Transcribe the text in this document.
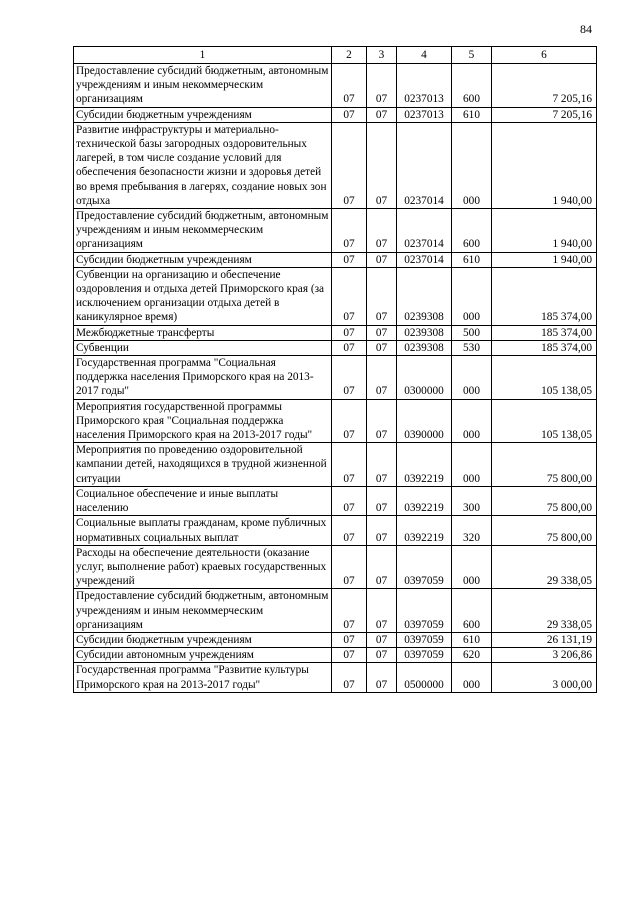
84
1	2	3	4	5	6
Предоставление субсидий бюджетным, автономным учреждениям и иным некоммерческим организациям	07	07	0237013	600	7 205,16
Субсидии бюджетным учреждениям	07	07	0237013	610	7 205,16
Развитие инфраструктуры и материально-технической базы загородных оздоровительных лагерей, в том числе создание условий для обеспечения безопасности жизни и здоровья детей во время пребывания в лагерях, создание новых зон отдыха	07	07	0237014	000	1 940,00
Предоставление субсидий бюджетным, автономным учреждениям и иным некоммерческим организациям	07	07	0237014	600	1 940,00
Субсидии бюджетным учреждениям	07	07	0237014	610	1 940,00
Субвенции на организацию и обеспечение оздоровления и отдыха детей Приморского края (за исключением организации отдыха детей в каникулярное время)	07	07	0239308	000	185 374,00
Межбюджетные трансферты	07	07	0239308	500	185 374,00
Субвенции	07	07	0239308	530	185 374,00
Государственная программа "Социальная поддержка населения Приморского края на 2013-2017 годы"	07	07	0300000	000	105 138,05
Мероприятия государственной программы Приморского края "Социальная поддержка населения Приморского края на 2013-2017 годы"	07	07	0390000	000	105 138,05
Мероприятия по проведению оздоровительной кампании детей, находящихся в трудной жизненной ситуации	07	07	0392219	000	75 800,00
Социальное обеспечение и иные выплаты населению	07	07	0392219	300	75 800,00
Социальные выплаты гражданам, кроме публичных нормативных социальных выплат	07	07	0392219	320	75 800,00
Расходы на обеспечение деятельности (оказание услуг, выполнение работ) краевых государственных учреждений	07	07	0397059	000	29 338,05
Предоставление субсидий бюджетным, автономным учреждениям и иным некоммерческим организациям	07	07	0397059	600	29 338,05
Субсидии бюджетным учреждениям	07	07	0397059	610	26 131,19
Субсидии автономным учреждениям	07	07	0397059	620	3 206,86
Государственная программа "Развитие культуры Приморского края на 2013-2017 годы"	07	07	0500000	000	3 000,00
